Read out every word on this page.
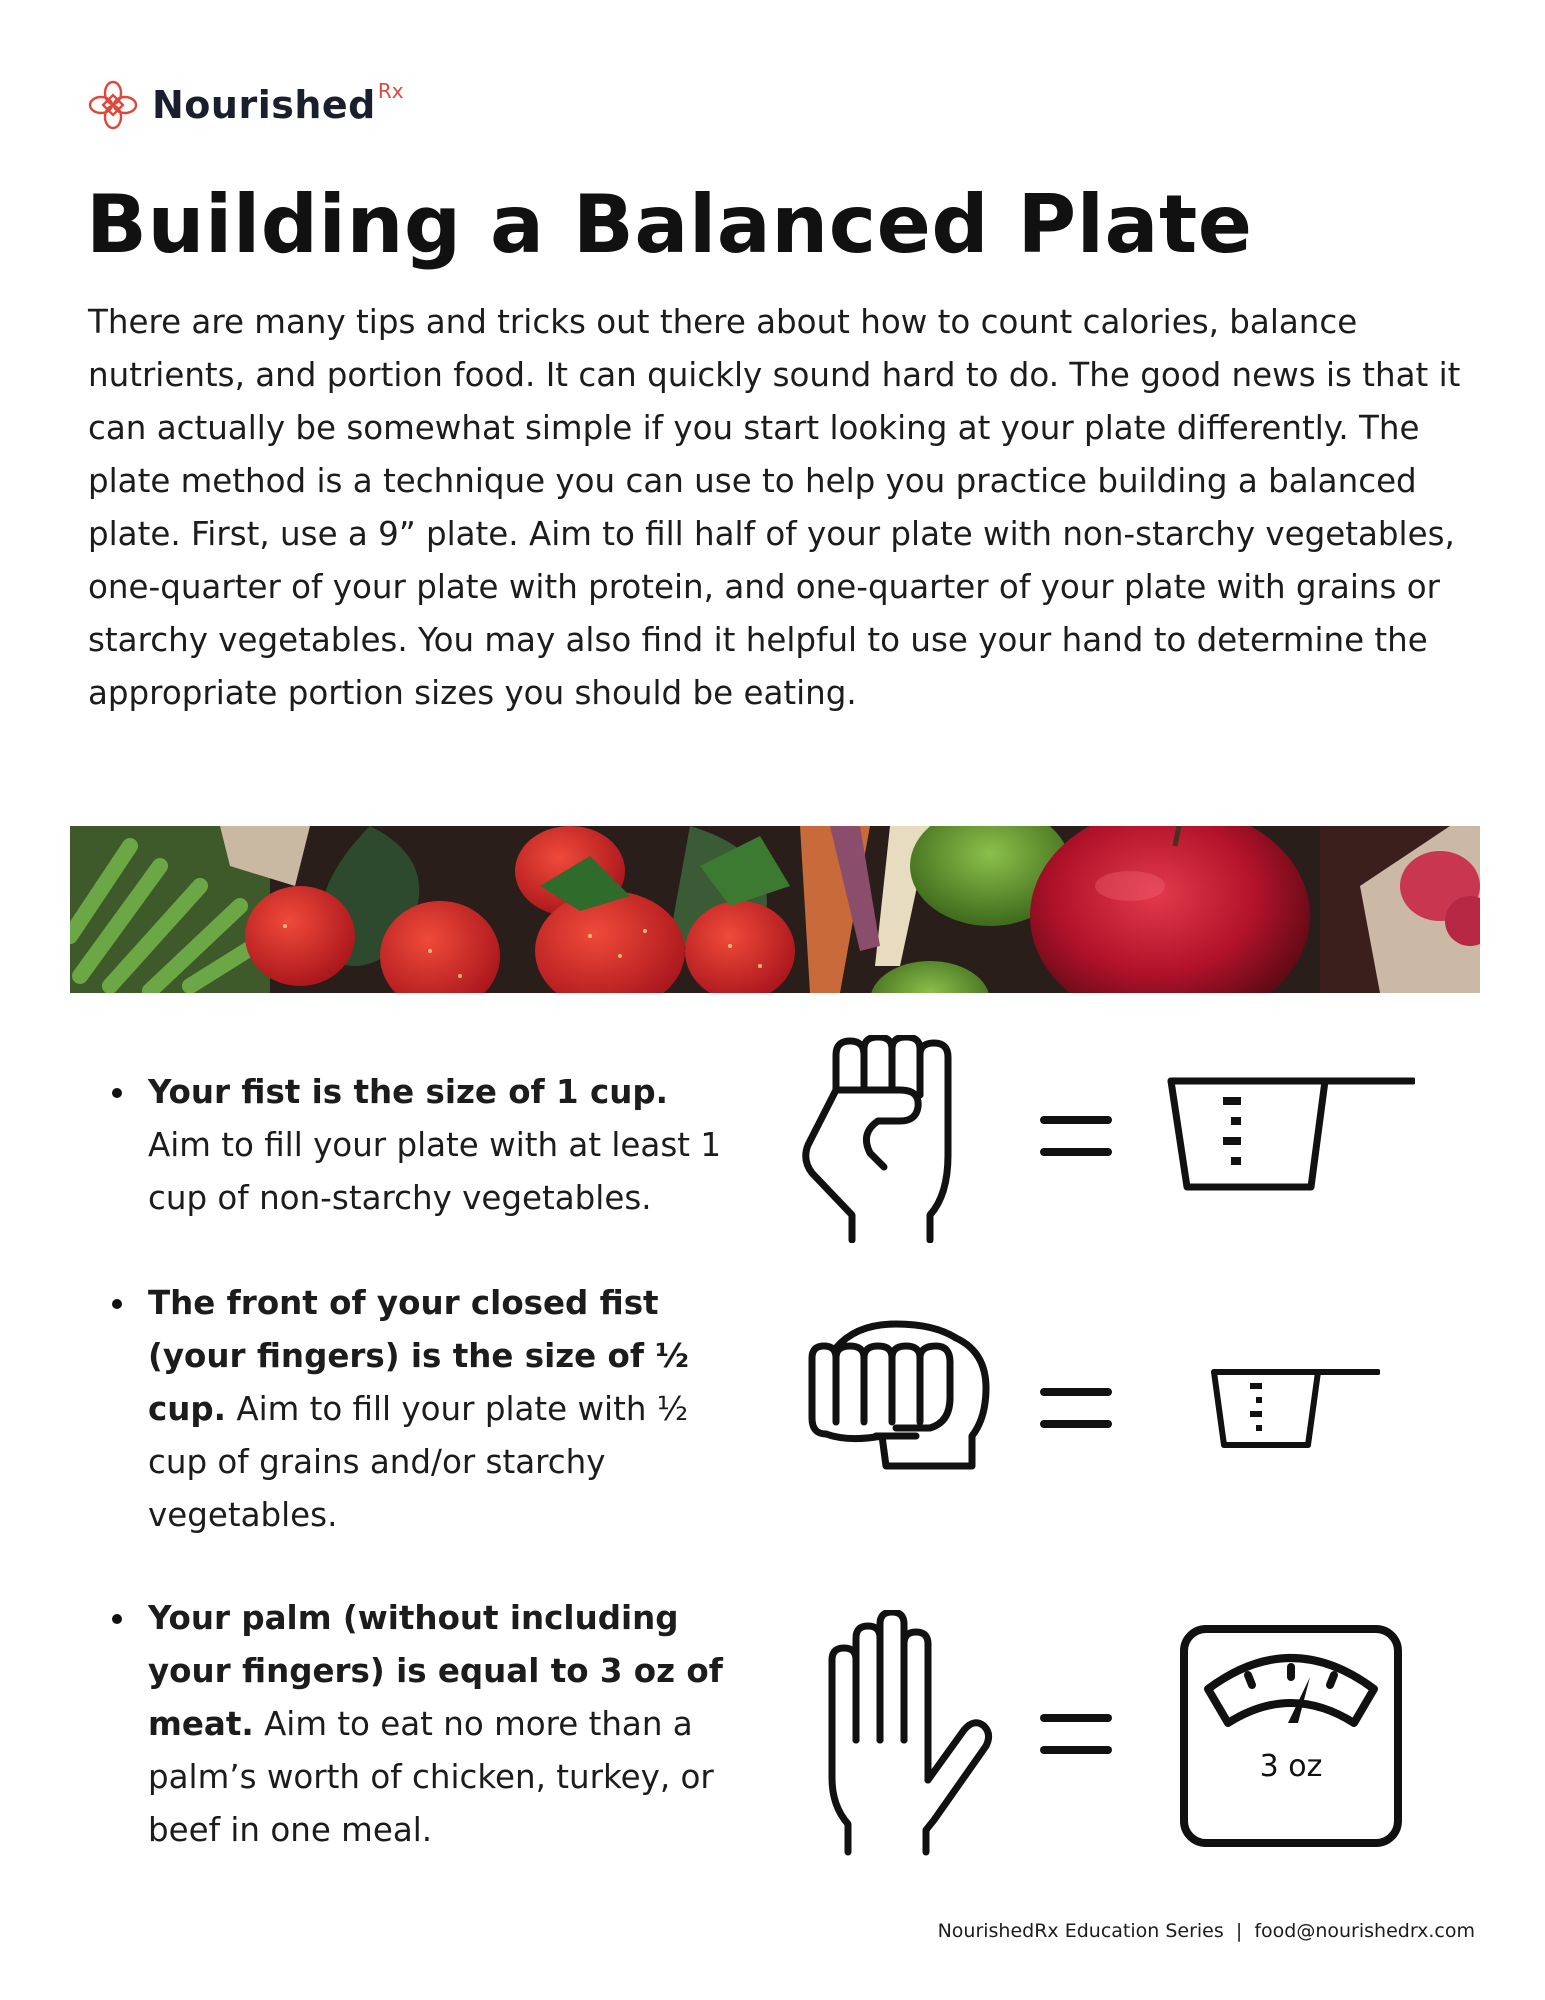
Nourished Rx
Building a Balanced Plate

There are many tips and tricks out there about how to count calories, balance nutrients, and portion food. It can quickly sound hard to do. The good news is that it can actually be somewhat simple if you start looking at your plate differently. The plate method is a technique you can use to help you practice building a balanced plate. First, use a 9” plate. Aim to fill half of your plate with non-starchy vegetables, one-quarter of your plate with protein, and one-quarter of your plate with grains or starchy vegetables. You may also find it helpful to use your hand to determine the appropriate portion sizes you should be eating.

Your fist is the size of 1 cup. Aim to fill your plate with at least 1 cup of non-starchy vegetables.
The front of your closed fist (your fingers) is the size of ½ cup. Aim to fill your plate with ½ cup of grains and/or starchy vegetables.
Your palm (without including your fingers) is equal to 3 oz of meat. Aim to eat no more than a palm’s worth of chicken, turkey, or beef in one meal.
3 oz
NourishedRx Education Series  |  food@nourishedrx.com
